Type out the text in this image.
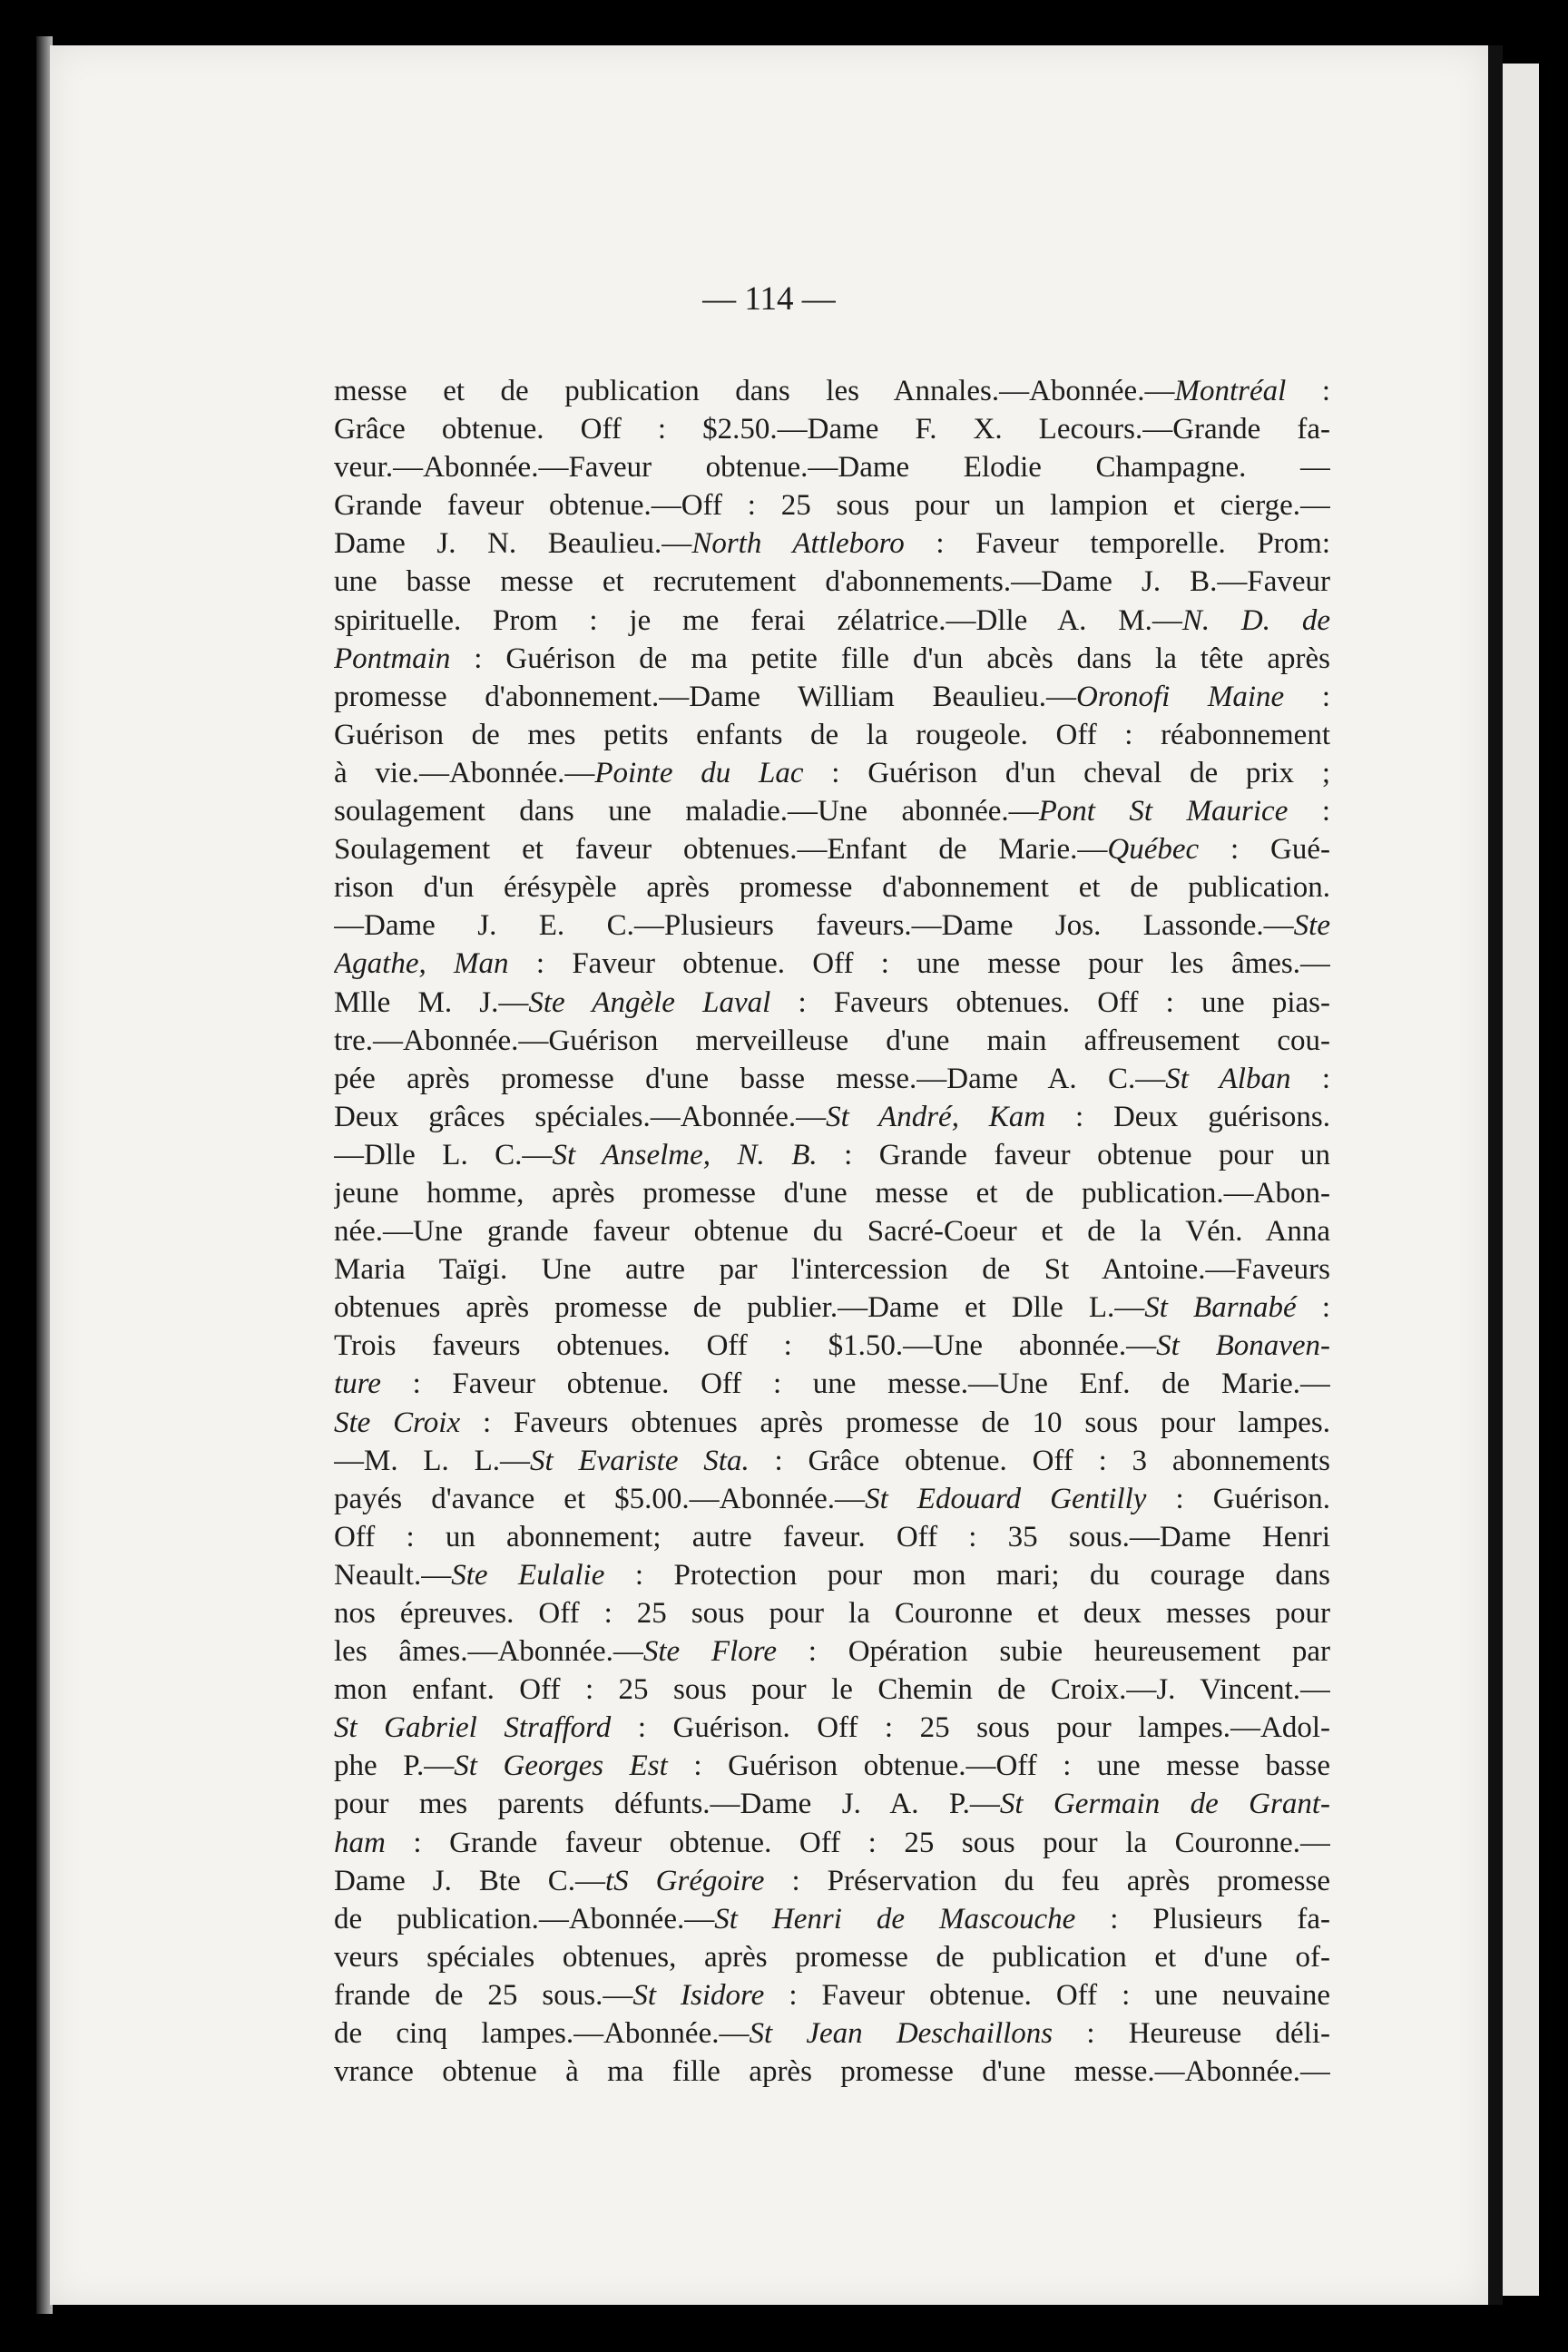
— 114 —
messe et de publication dans les Annales.—Abonnée.—Montréal :
Grâce obtenue. Off : $2.50.—Dame F. X. Lecours.—Grande fa-
veur.—Abonnée.—Faveur obtenue.—Dame Elodie Champagne. —
Grande faveur obtenue.—Off : 25 sous pour un lampion et cierge.—
Dame J. N. Beaulieu.—North Attleboro : Faveur temporelle. Prom:
une basse messe et recrutement d'abonnements.—Dame J. B.—Faveur
spirituelle. Prom : je me ferai zélatrice.—Dlle A. M.—N. D. de
Pontmain : Guérison de ma petite fille d'un abcès dans la tête après
promesse d'abonnement.—Dame William Beaulieu.—Oronofi Maine :
Guérison de mes petits enfants de la rougeole. Off : réabonnement
à vie.—Abonnée.—Pointe du Lac : Guérison d'un cheval de prix ;
soulagement dans une maladie.—Une abonnée.—Pont St Maurice :
Soulagement et faveur obtenues.—Enfant de Marie.—Québec : Gué-
rison d'un érésypèle après promesse d'abonnement et de publication.
—Dame J. E. C.—Plusieurs faveurs.—Dame Jos. Lassonde.—Ste
Agathe, Man : Faveur obtenue. Off : une messe pour les âmes.—
Mlle M. J.—Ste Angèle Laval : Faveurs obtenues. Off : une pias-
tre.—Abonnée.—Guérison merveilleuse d'une main affreusement cou-
pée après promesse d'une basse messe.—Dame A. C.—St Alban :
Deux grâces spéciales.—Abonnée.—St André, Kam : Deux guérisons.
—Dlle L. C.—St Anselme, N. B. : Grande faveur obtenue pour un
jeune homme, après promesse d'une messe et de publication.—Abon-
née.—Une grande faveur obtenue du Sacré-Coeur et de la Vén. Anna
Maria Taïgi. Une autre par l'intercession de St Antoine.—Faveurs
obtenues après promesse de publier.—Dame et Dlle L.—St Barnabé :
Trois faveurs obtenues. Off : $1.50.—Une abonnée.—St Bonaven-
ture : Faveur obtenue. Off : une messe.—Une Enf. de Marie.—
Ste Croix : Faveurs obtenues après promesse de 10 sous pour lampes.
—M. L. L.—St Evariste Sta. : Grâce obtenue. Off : 3 abonnements
payés d'avance et $5.00.—Abonnée.—St Edouard Gentilly : Guérison.
Off : un abonnement; autre faveur. Off : 35 sous.—Dame Henri
Neault.—Ste Eulalie : Protection pour mon mari; du courage dans
nos épreuves. Off : 25 sous pour la Couronne et deux messes pour
les âmes.—Abonnée.—Ste Flore : Opération subie heureusement par
mon enfant. Off : 25 sous pour le Chemin de Croix.—J. Vincent.—
St Gabriel Strafford : Guérison. Off : 25 sous pour lampes.—Adol-
phe P.—St Georges Est : Guérison obtenue.—Off : une messe basse
pour mes parents défunts.—Dame J. A. P.—St Germain de Grant-
ham : Grande faveur obtenue. Off : 25 sous pour la Couronne.—
Dame J. Bte C.—tS Grégoire : Préservation du feu après promesse
de publication.—Abonnée.—St Henri de Mascouche : Plusieurs fa-
veurs spéciales obtenues, après promesse de publication et d'une of-
frande de 25 sous.—St Isidore : Faveur obtenue. Off : une neuvaine
de cinq lampes.—Abonnée.—St Jean Deschaillons : Heureuse déli-
vrance obtenue à ma fille après promesse d'une messe.—Abonnée.—
